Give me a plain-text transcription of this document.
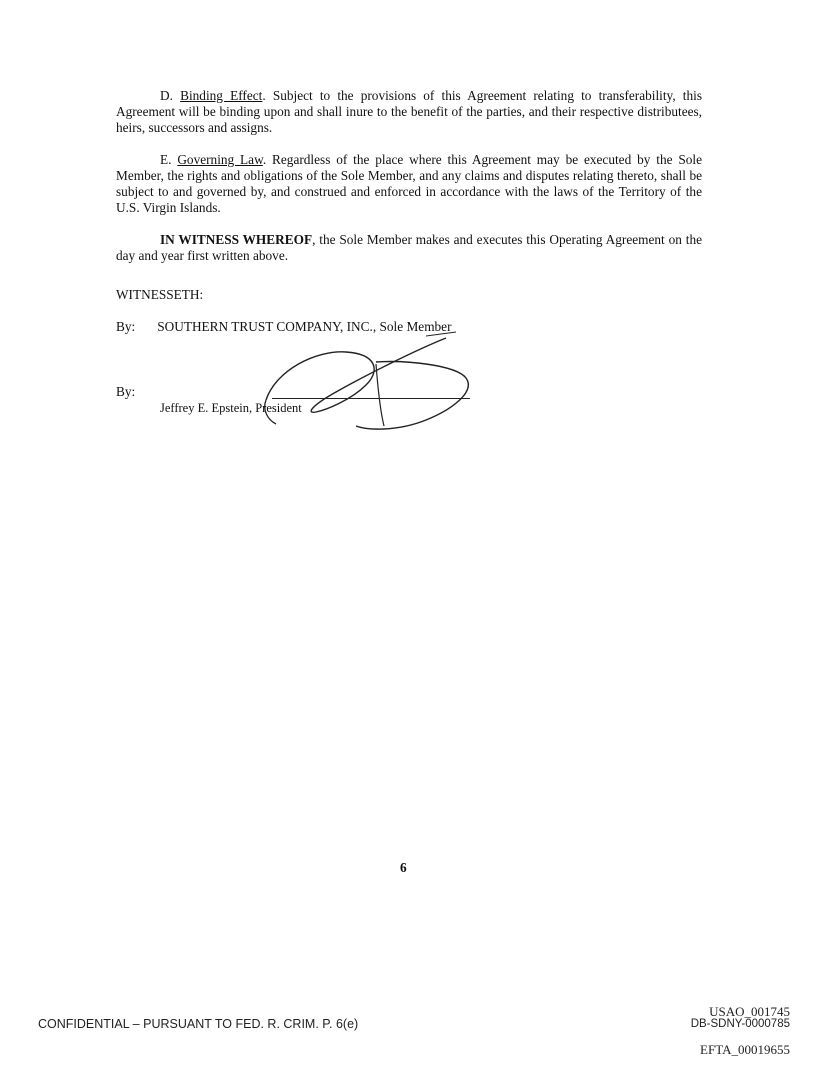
D. Binding Effect. Subject to the provisions of this Agreement relating to transferability, this Agreement will be binding upon and shall inure to the benefit of the parties, and their respective distributees, heirs, successors and assigns.

E. Governing Law. Regardless of the place where this Agreement may be executed by the Sole Member, the rights and obligations of the Sole Member, and any claims and disputes relating thereto, shall be subject to and governed by, and construed and enforced in accordance with the laws of the Territory of the U.S. Virgin Islands.

IN WITNESS WHEREOF, the Sole Member makes and executes this Operating Agreement on the day and year first written above.

WITNESSETH:

By: SOUTHERN TRUST COMPANY, INC., Sole Member

By:

Jeffrey E. Epstein, President

6
CONFIDENTIAL – PURSUANT TO FED. R. CRIM. P. 6(e)
USAO_001745
DB-SDNY-0000785
EFTA_00019655
